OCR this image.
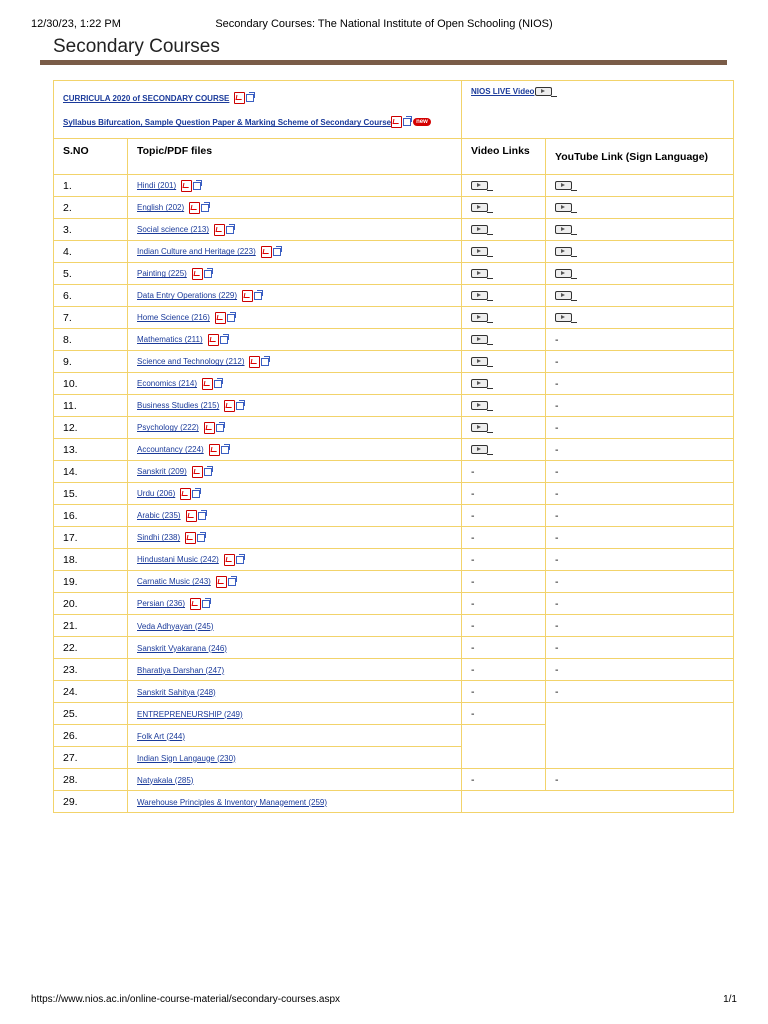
12/30/23, 1:22 PM	Secondary Courses: The National Institute of Open Schooling (NIOS)
Secondary Courses
CURRICULA 2020 of SECONDARY COURSE
Syllabus Bifurcation, Sample Question Paper & Marking Scheme of Secondary Course new		NIOS LIVE Video	
S.NO	Topic/PDF files	Video Links	YouTube Link (Sign Language)
1.	Hindi (201)		
2.	English (202)		
3.	Social science (213)		
4.	Indian Culture and Heritage (223)		
5.	Painting (225)		
6.	Data Entry Operations (229)		
7.	Home Science (216)		
8.	Mathematics (211)		-
9.	Science and Technology (212)		-
10.	Economics (214)		-
11.	Business Studies (215)		-
12.	Psychology (222)		-
13.	Accountancy (224)		-
14.	Sanskrit (209)	-	-
15.	Urdu (206)	-	-
16.	Arabic (235)	-	-
17.	Sindhi (238)	-	-
18.	Hindustani Music (242)	-	-
19.	Carnatic Music (243)	-	-
20.	Persian (236)	-	-
21.	Veda Adhyayan (245)	-	-
22.	Sanskrit Vyakarana (246)	-	-
23.	Bharatiya Darshan (247)	-	-
24.	Sanskrit Sahitya (248)	-	-
25.	ENTREPRENEURSHIP (249)	-	
26.	Folk Art (244)		
27.	Indian Sign Langauge (230)		
28.	Natyakala (285)	-	-
29.	Warehouse Principles & Inventory Management (259)		
https://www.nios.ac.in/online-course-material/secondary-courses.aspx	1/1
